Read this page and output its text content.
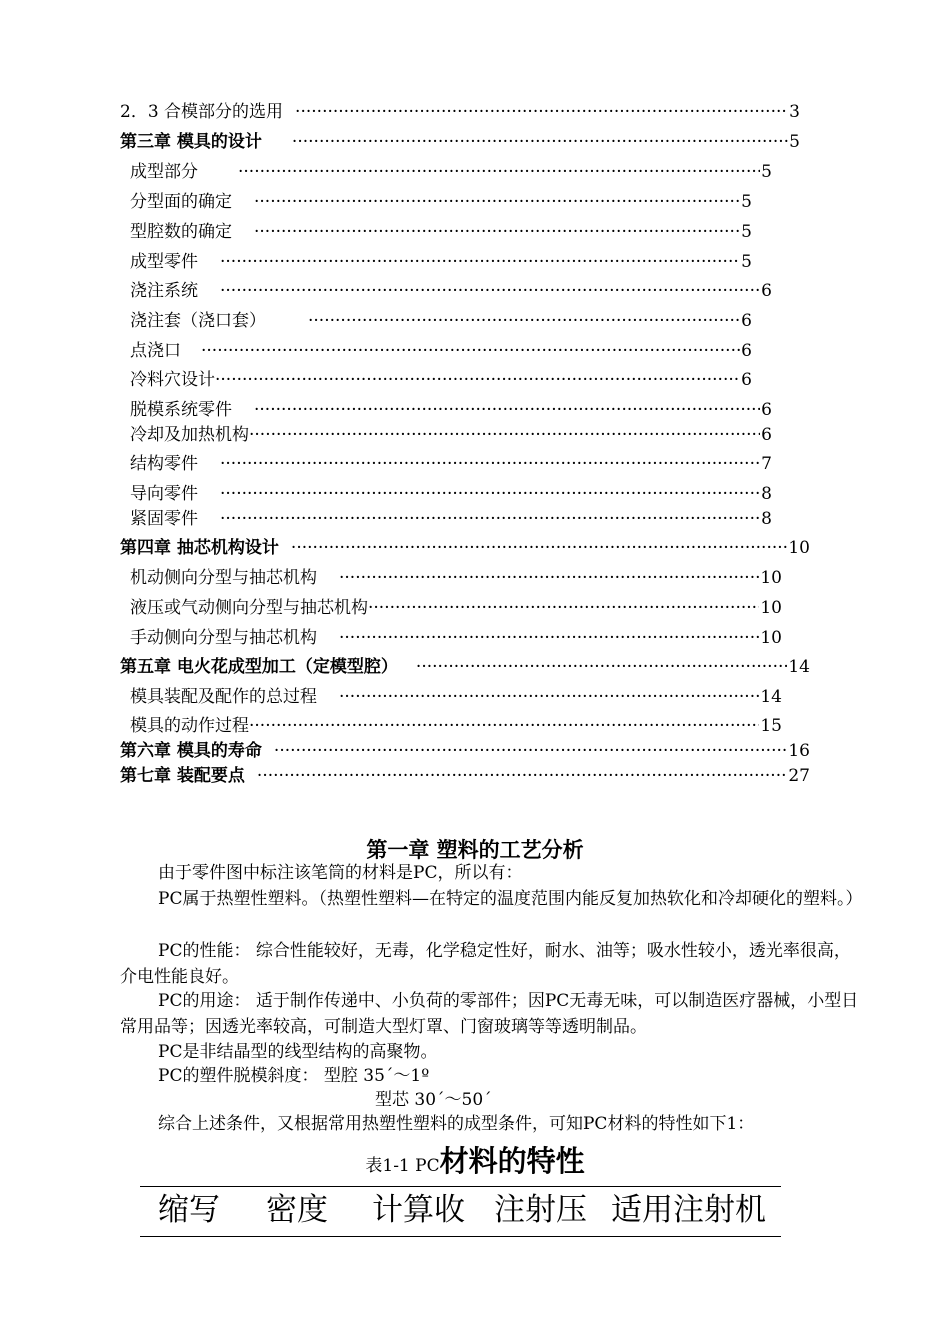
2．3 合模部分的选用 ·····	3
第三章 模具的设计 ·····	5
成型部分 ·····	5
分型面的确定 ·····	5
型腔数的确定 ·····	5
成型零件 ·····	5
浇注系统 ·····	6
浇注套（浇口套） ·····	6
点浇口 ·····	6
冷料穴设计 ·····	6
脱模系统零件 ·····	6
冷却及加热机构 ·····	6
结构零件 ·····	7
导向零件 ·····	8
紧固零件 ·····	8
第四章 抽芯机构设计 ·····	10
机动侧向分型与抽芯机构 ·····	10
液压或气动侧向分型与抽芯机构 ·····	10
手动侧向分型与抽芯机构 ·····	10
第五章 电火花成型加工（定模型腔） ·····	14
模具装配及配作的总过程 ·····	14
模具的动作过程 ·····	15
第六章 模具的寿命 ·····	16
第七章 装配要点 ·····	27
第一章 塑料的工艺分析
由于零件图中标注该笔筒的材料是PC，所以有：
PC属于热塑性塑料。（热塑性塑料—在特定的温度范围内能反复加热软化和冷却硬化的塑料。）
PC的性能： 综合性能较好，无毒，化学稳定性好，耐水、油等；吸水性较小，透光率很高，介电性能良好。
PC的用途： 适于制作传递中、小负荷的零部件；因PC无毒无味，可以制造医疗器械，小型日常用品等；因透光率较高，可制造大型灯罩、门窗玻璃等等透明制品。
PC是非结晶型的线型结构的高聚物。
PC的塑件脱模斜度： 型腔 35´～1º
型芯 30´～50´
综合上述条件，又根据常用热塑性塑料的成型条件，可知PC材料的特性如下1：
表1-1 PC材料的特性
缩写 密度 计算收 注射压 适用注射机
